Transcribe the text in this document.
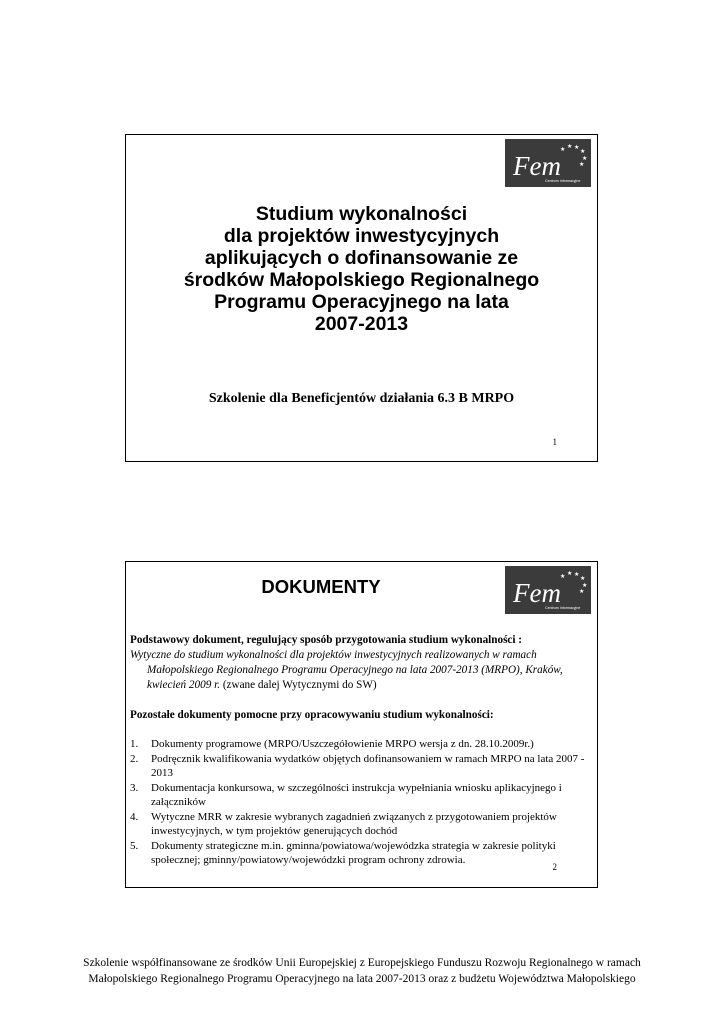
★ ★ ★
★
★
★
Fem
Centrum Informacyjne
Studium wykonalności
dla projektów inwestycyjnych
aplikujących o dofinansowanie ze
środków Małopolskiego Regionalnego
Programu Operacyjnego na lata
2007-2013
Szkolenie dla Beneficjentów działania 6.3 B MRPO
1
★ ★ ★
★
★
★
Fem
Centrum Informacyjne
DOKUMENTY
Podstawowy dokument, regulujący sposób przygotowania studium wykonalności :
Wytyczne do studium wykonalności dla projektów inwestycyjnych realizowanych w ramach Małopolskiego Regionalnego Programu Operacyjnego na lata 2007-2013 (MRPO), Kraków, kwiecień 2009 r. (zwane dalej Wytycznymi do SW)
Pozostałe dokumenty pomocne przy opracowywaniu studium wykonalności:
1. Dokumenty programowe (MRPO/Uszczegółowienie MRPO wersja z dn. 28.10.2009r.)
2. Podręcznik kwalifikowania wydatków objętych dofinansowaniem w ramach MRPO na lata 2007 - 2013
3. Dokumentacja konkursowa, w szczególności instrukcja wypełniania wniosku aplikacyjnego i załączników
4. Wytyczne MRR w zakresie wybranych zagadnień związanych z przygotowaniem projektów inwestycyjnych, w tym projektów generujących dochód
5. Dokumenty strategiczne m.in. gminna/powiatowa/wojewódzka strategia w zakresie polityki społecznej; gminny/powiatowy/wojewódzki program ochrony zdrowia.
2
Szkolenie współfinansowane ze środków Unii Europejskiej z Europejskiego Funduszu Rozwoju Regionalnego w ramach Małopolskiego Regionalnego Programu Operacyjnego na lata 2007-2013 oraz z budżetu Województwa Małopolskiego
